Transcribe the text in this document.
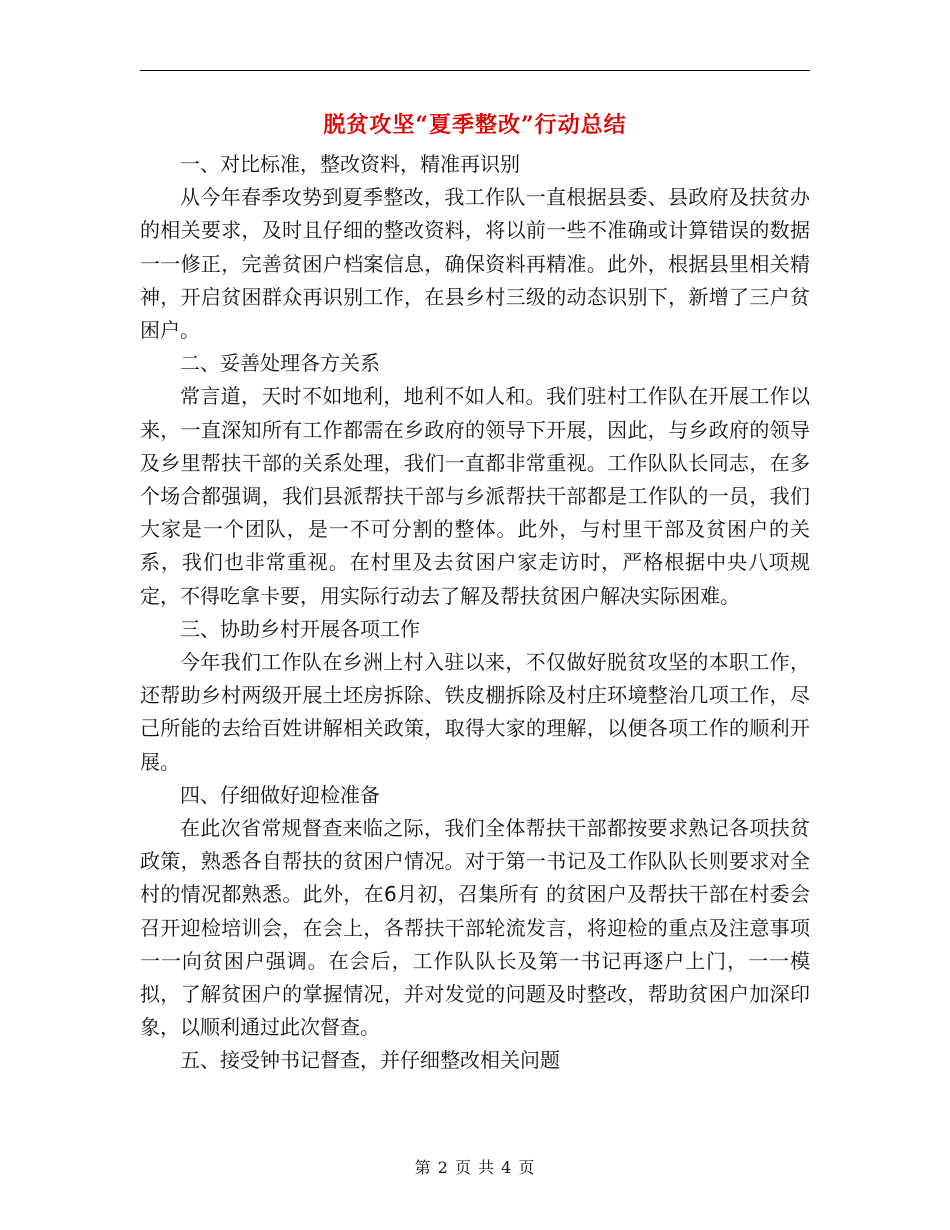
脱贫攻坚“夏季整改”行动总结

一、对比标准，整改资料，精准再识别

从今年春季攻势到夏季整改，我工作队一直根据县委、县政府及扶贫办的相关要求，及时且仔细的整改资料，将以前一些不准确或计算错误的数据一一修正，完善贫困户档案信息，确保资料再精准。此外，根据县里相关精神，开启贫困群众再识别工作，在县乡村三级的动态识别下，新增了三户贫困户。

二、妥善处理各方关系

常言道，天时不如地利，地利不如人和。我们驻村工作队在开展工作以来，一直深知所有工作都需在乡政府的领导下开展，因此，与乡政府的领导及乡里帮扶干部的关系处理，我们一直都非常重视。工作队队长同志，在多个场合都强调，我们县派帮扶干部与乡派帮扶干部都是工作队的一员，我们大家是一个团队，是一不可分割的整体。此外，与村里干部及贫困户的关系，我们也非常重视。在村里及去贫困户家走访时，严格根据中央八项规定，不得吃拿卡要，用实际行动去了解及帮扶贫困户解决实际困难。

三、协助乡村开展各项工作

今年我们工作队在乡洲上村入驻以来，不仅做好脱贫攻坚的本职工作，还帮助乡村两级开展土坯房拆除、铁皮棚拆除及村庄环境整治几项工作，尽己所能的去给百姓讲解相关政策，取得大家的理解，以便各项工作的顺利开展。

四、仔细做好迎检准备

在此次省常规督查来临之际，我们全体帮扶干部都按要求熟记各项扶贫政策，熟悉各自帮扶的贫困户情况。对于第一书记及工作队队长则要求对全村的情况都熟悉。此外，在6月初，召集所有 的贫困户及帮扶干部在村委会召开迎检培训会，在会上，各帮扶干部轮流发言，将迎检的重点及注意事项一一向贫困户强调。在会后，工作队队长及第一书记再逐户上门，一一模拟，了解贫困户的掌握情况，并对发觉的问题及时整改，帮助贫困户加深印象，以顺利通过此次督查。

五、接受钟书记督查，并仔细整改相关问题

第 2 页 共 4 页
